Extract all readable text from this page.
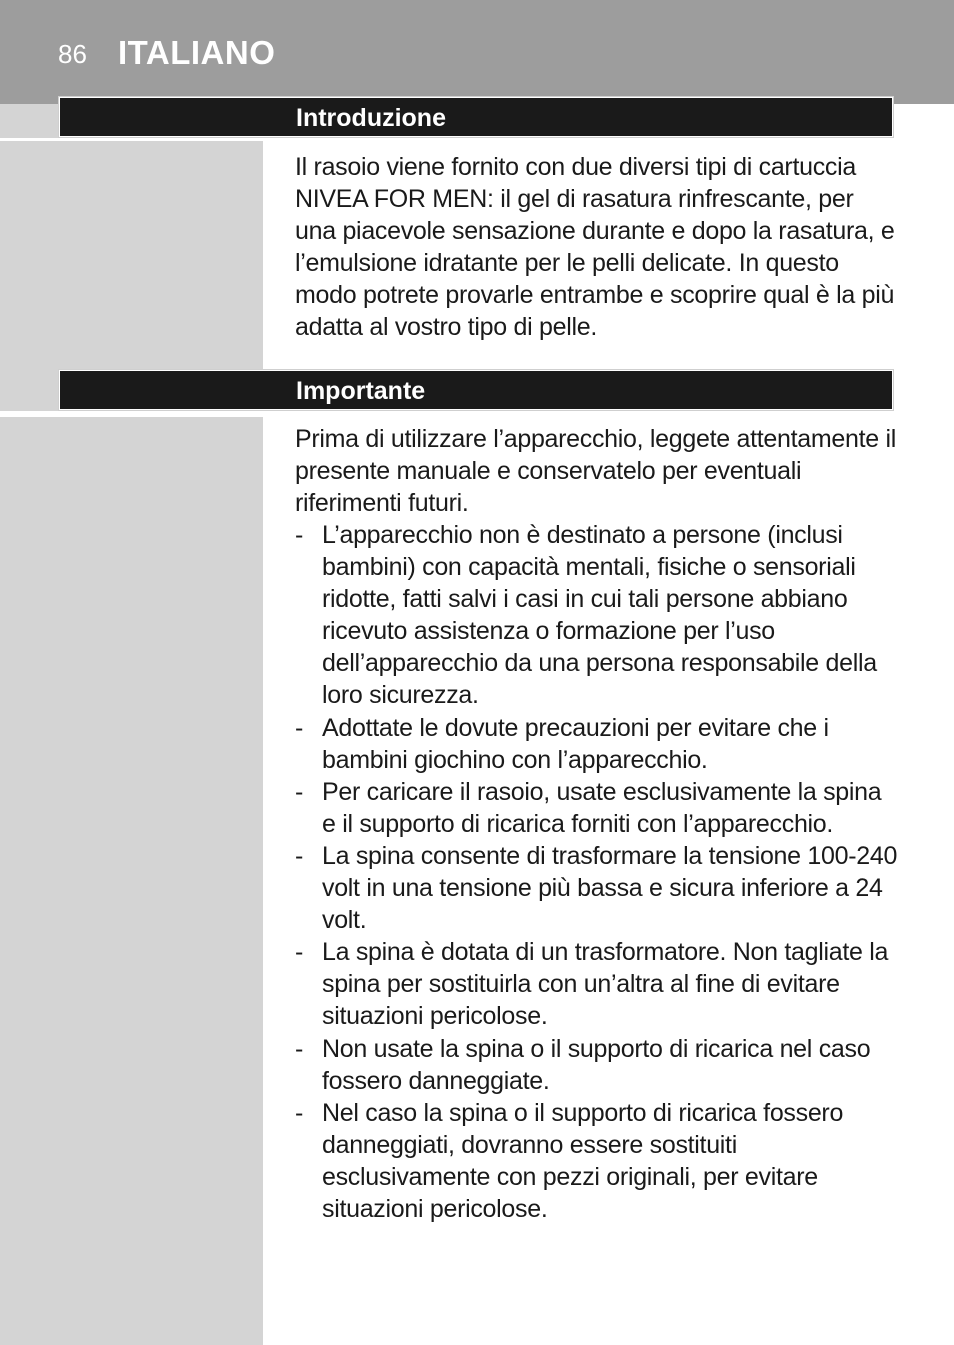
86 ITALIANO
Introduzione

Il rasoio viene fornito con due diversi tipi di cartuccia NIVEA FOR MEN: il gel di rasatura rinfrescante, per una piacevole sensazione durante e dopo la rasatura, e l’emulsione idratante per le pelli delicate. In questo modo potrete provarle entrambe e scoprire qual è la più adatta al vostro tipo di pelle.

Importante

Prima di utilizzare l’apparecchio, leggete attentamente il presente manuale e conservatelo per eventuali riferimenti futuri.

- L’apparecchio non è destinato a persone (inclusi bambini) con capacità mentali, fisiche o sensoriali ridotte, fatti salvi i casi in cui tali persone abbiano ricevuto assistenza o formazione per l’uso dell’apparecchio da una persona responsabile della loro sicurezza.
- Adottate le dovute precauzioni per evitare che i bambini giochino con l’apparecchio.
- Per caricare il rasoio, usate esclusivamente la spina e il supporto di ricarica forniti con l’apparecchio.
- La spina consente di trasformare la tensione 100-240 volt in una tensione più bassa e sicura inferiore a 24 volt.
- La spina è dotata di un trasformatore. Non tagliate la spina per sostituirla con un’altra al fine di evitare situazioni pericolose.
- Non usate la spina o il supporto di ricarica nel caso fossero danneggiate.
- Nel caso la spina o il supporto di ricarica fossero danneggiati, dovranno essere sostituiti esclusivamente con pezzi originali, per evitare situazioni pericolose.
